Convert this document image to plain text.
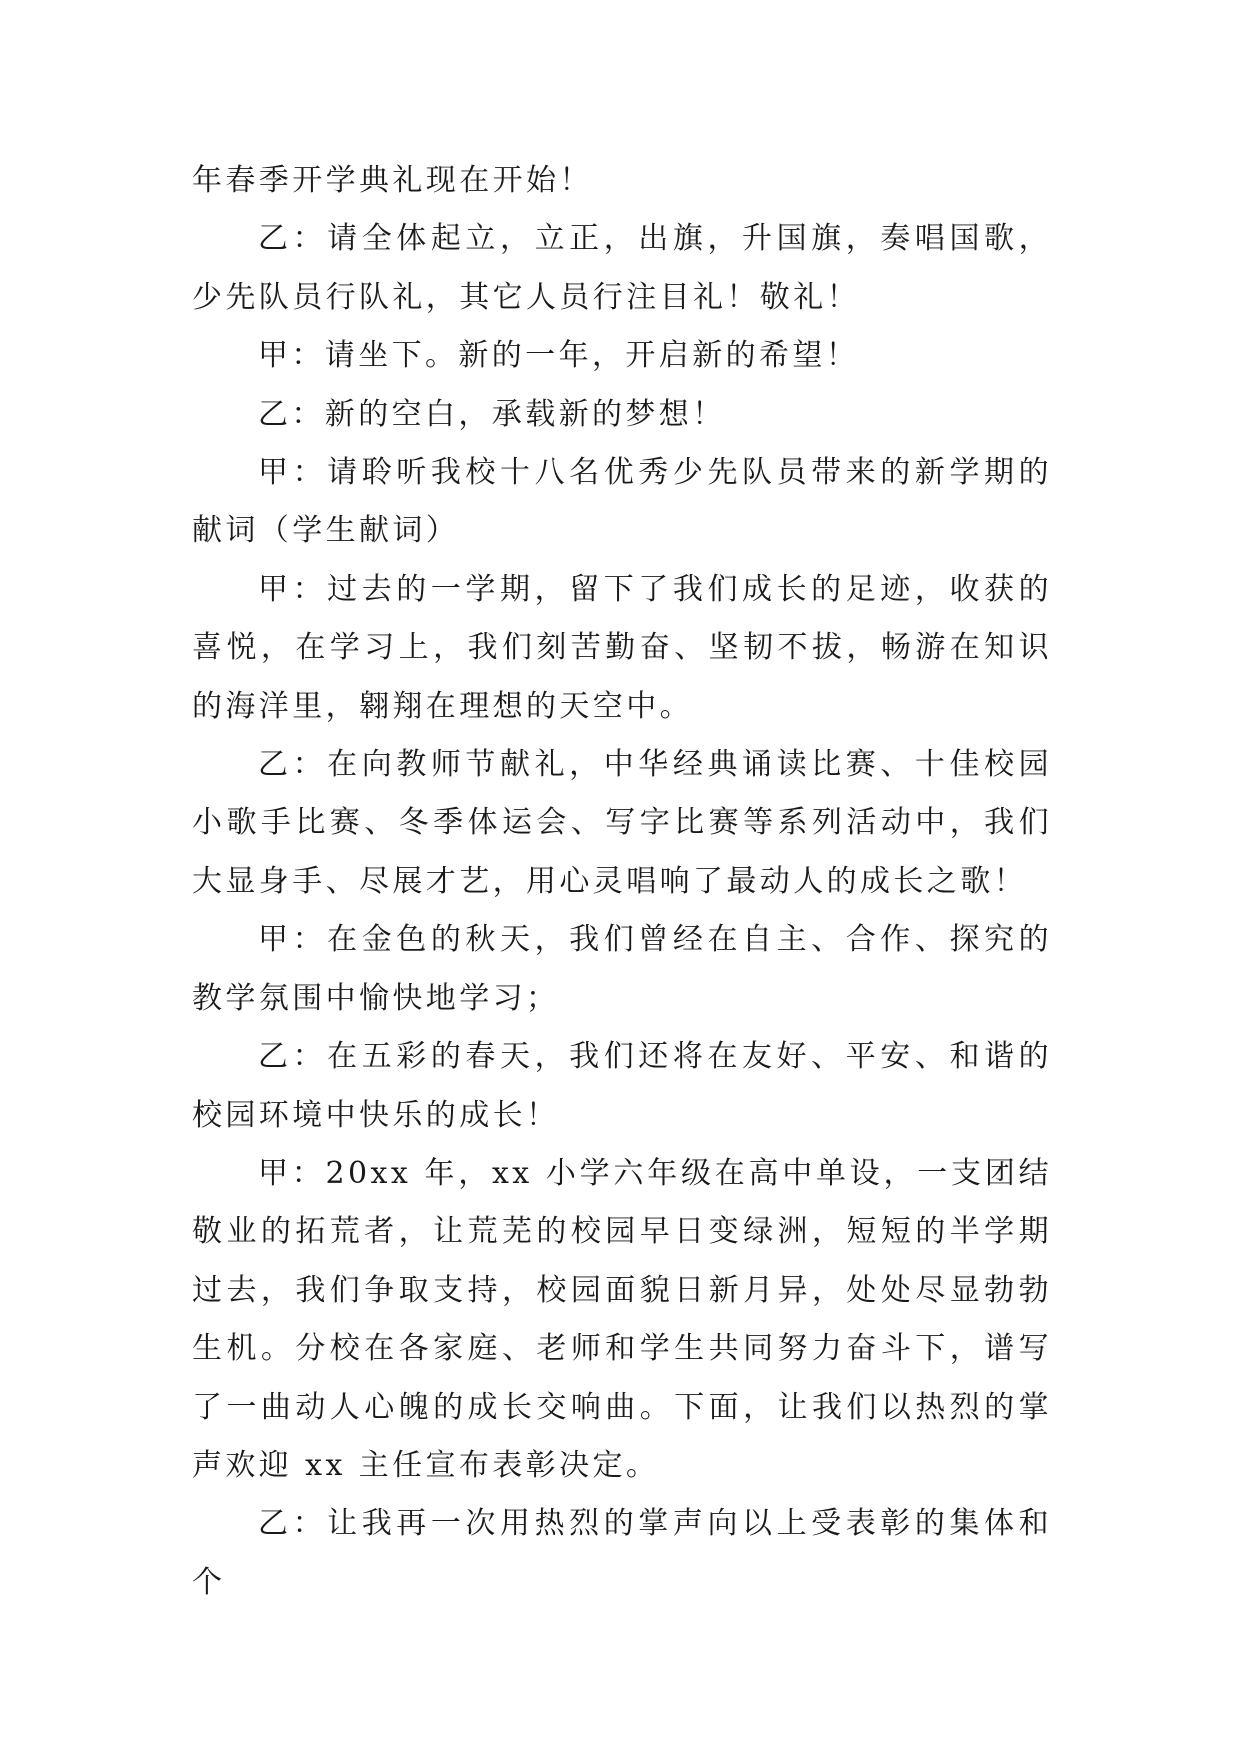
年春季开学典礼现在开始！

乙：请全体起立，立正，出旗，升国旗，奏唱国歌，少先队员行队礼，其它人员行注目礼！敬礼！

甲：请坐下。新的一年，开启新的希望！

乙：新的空白，承载新的梦想！

甲：请聆听我校十八名优秀少先队员带来的新学期的献词（学生献词）

甲：过去的一学期，留下了我们成长的足迹，收获的喜悦，在学习上，我们刻苦勤奋、坚韧不拔，畅游在知识的海洋里，翱翔在理想的天空中。

乙：在向教师节献礼，中华经典诵读比赛、十佳校园小歌手比赛、冬季体运会、写字比赛等系列活动中，我们大显身手、尽展才艺，用心灵唱响了最动人的成长之歌！

甲：在金色的秋天，我们曾经在自主、合作、探究的教学氛围中愉快地学习；

乙：在五彩的春天，我们还将在友好、平安、和谐的校园环境中快乐的成长！

甲：20xx 年，xx 小学六年级在高中单设，一支团结敬业的拓荒者，让荒芜的校园早日变绿洲，短短的半学期过去，我们争取支持，校园面貌日新月异，处处尽显勃勃生机。分校在各家庭、老师和学生共同努力奋斗下，谱写了一曲动人心魄的成长交响曲。下面，让我们以热烈的掌声欢迎 xx 主任宣布表彰决定。

乙：让我再一次用热烈的掌声向以上受表彰的集体和个
